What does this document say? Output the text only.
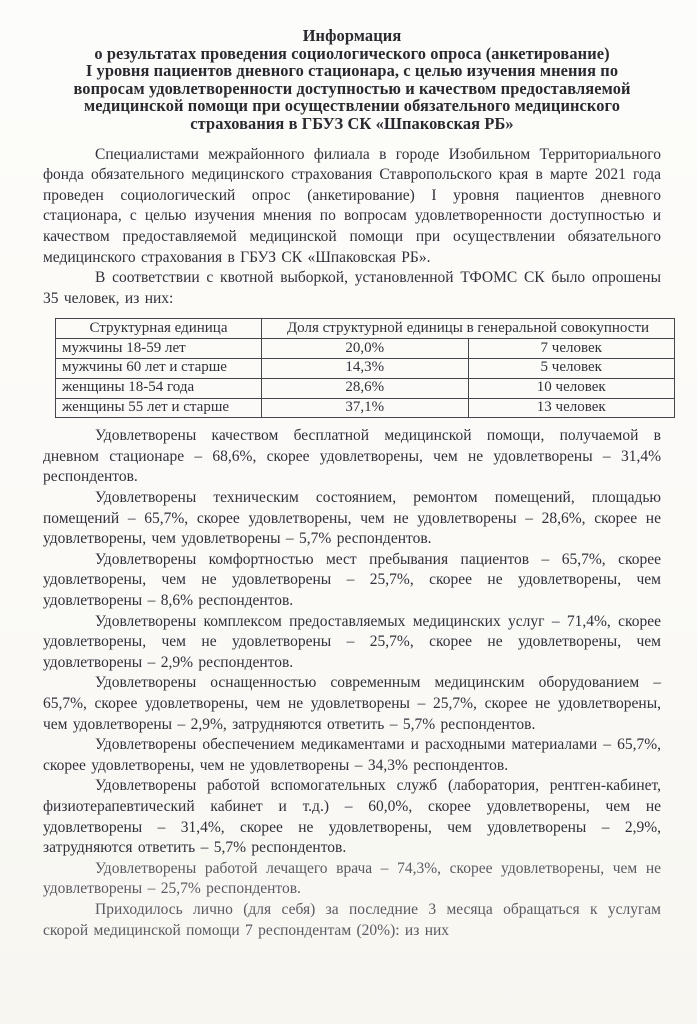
Информация
о результатах проведения социологического опроса (анкетирование)
I уровня пациентов дневного стационара, с целью изучения мнения по
вопросам удовлетворенности доступностью и качеством предоставляемой
медицинской помощи при осуществлении обязательного медицинского
страхования в ГБУЗ СК «Шпаковская РБ»

Специалистами межрайонного филиала в городе Изобильном Территориального фонда обязательного медицинского страхования Ставропольского края в марте 2021 года проведен социологический опрос (анкетирование) I уровня пациентов дневного стационара, с целью изучения мнения по вопросам удовлетворенности доступностью и качеством предоставляемой медицинской помощи при осуществлении обязательного медицинского страхования в ГБУЗ СК «Шпаковская РБ».

В соответствии с квотной выборкой, установленной ТФОМС СК было опрошены 35 человек, из них:

Структурная единица	Доля структурной единицы в генеральной совокупности	
мужчины 18-59 лет	20,0%	7 человек
мужчины 60 лет и старше	14,3%	5 человек
женщины 18-54 года	28,6%	10 человек
женщины 55 лет и старше	37,1%	13 человек

Удовлетворены качеством бесплатной медицинской помощи, получаемой в дневном стационаре – 68,6%, скорее удовлетворены, чем не удовлетворены – 31,4% респондентов.

Удовлетворены техническим состоянием, ремонтом помещений, площадью помещений – 65,7%, скорее удовлетворены, чем не удовлетворены – 28,6%, скорее не удовлетворены, чем удовлетворены – 5,7% респондентов.

Удовлетворены комфортностью мест пребывания пациентов – 65,7%, скорее удовлетворены, чем не удовлетворены – 25,7%, скорее не удовлетворены, чем удовлетворены – 8,6% респондентов.

Удовлетворены комплексом предоставляемых медицинских услуг – 71,4%, скорее удовлетворены, чем не удовлетворены – 25,7%, скорее не удовлетворены, чем удовлетворены – 2,9% респондентов.

Удовлетворены оснащенностью современным медицинским оборудованием – 65,7%, скорее удовлетворены, чем не удовлетворены – 25,7%, скорее не удовлетворены, чем удовлетворены – 2,9%, затрудняются ответить – 5,7% респондентов.

Удовлетворены обеспечением медикаментами и расходными материалами – 65,7%, скорее удовлетворены, чем не удовлетворены – 34,3% респондентов.

Удовлетворены работой вспомогательных служб (лаборатория, рентген-кабинет, физиотерапевтический кабинет и т.д.) – 60,0%, скорее удовлетворены, чем не удовлетворены – 31,4%, скорее не удовлетворены, чем удовлетворены – 2,9%, затрудняются ответить – 5,7% респондентов.

Удовлетворены работой лечащего врача – 74,3%, скорее удовлетворены, чем не удовлетворены – 25,7% респондентов.

Приходилось лично (для себя) за последние 3 месяца обращаться к услугам скорой медицинской помощи 7 респондентам (20%): из них
